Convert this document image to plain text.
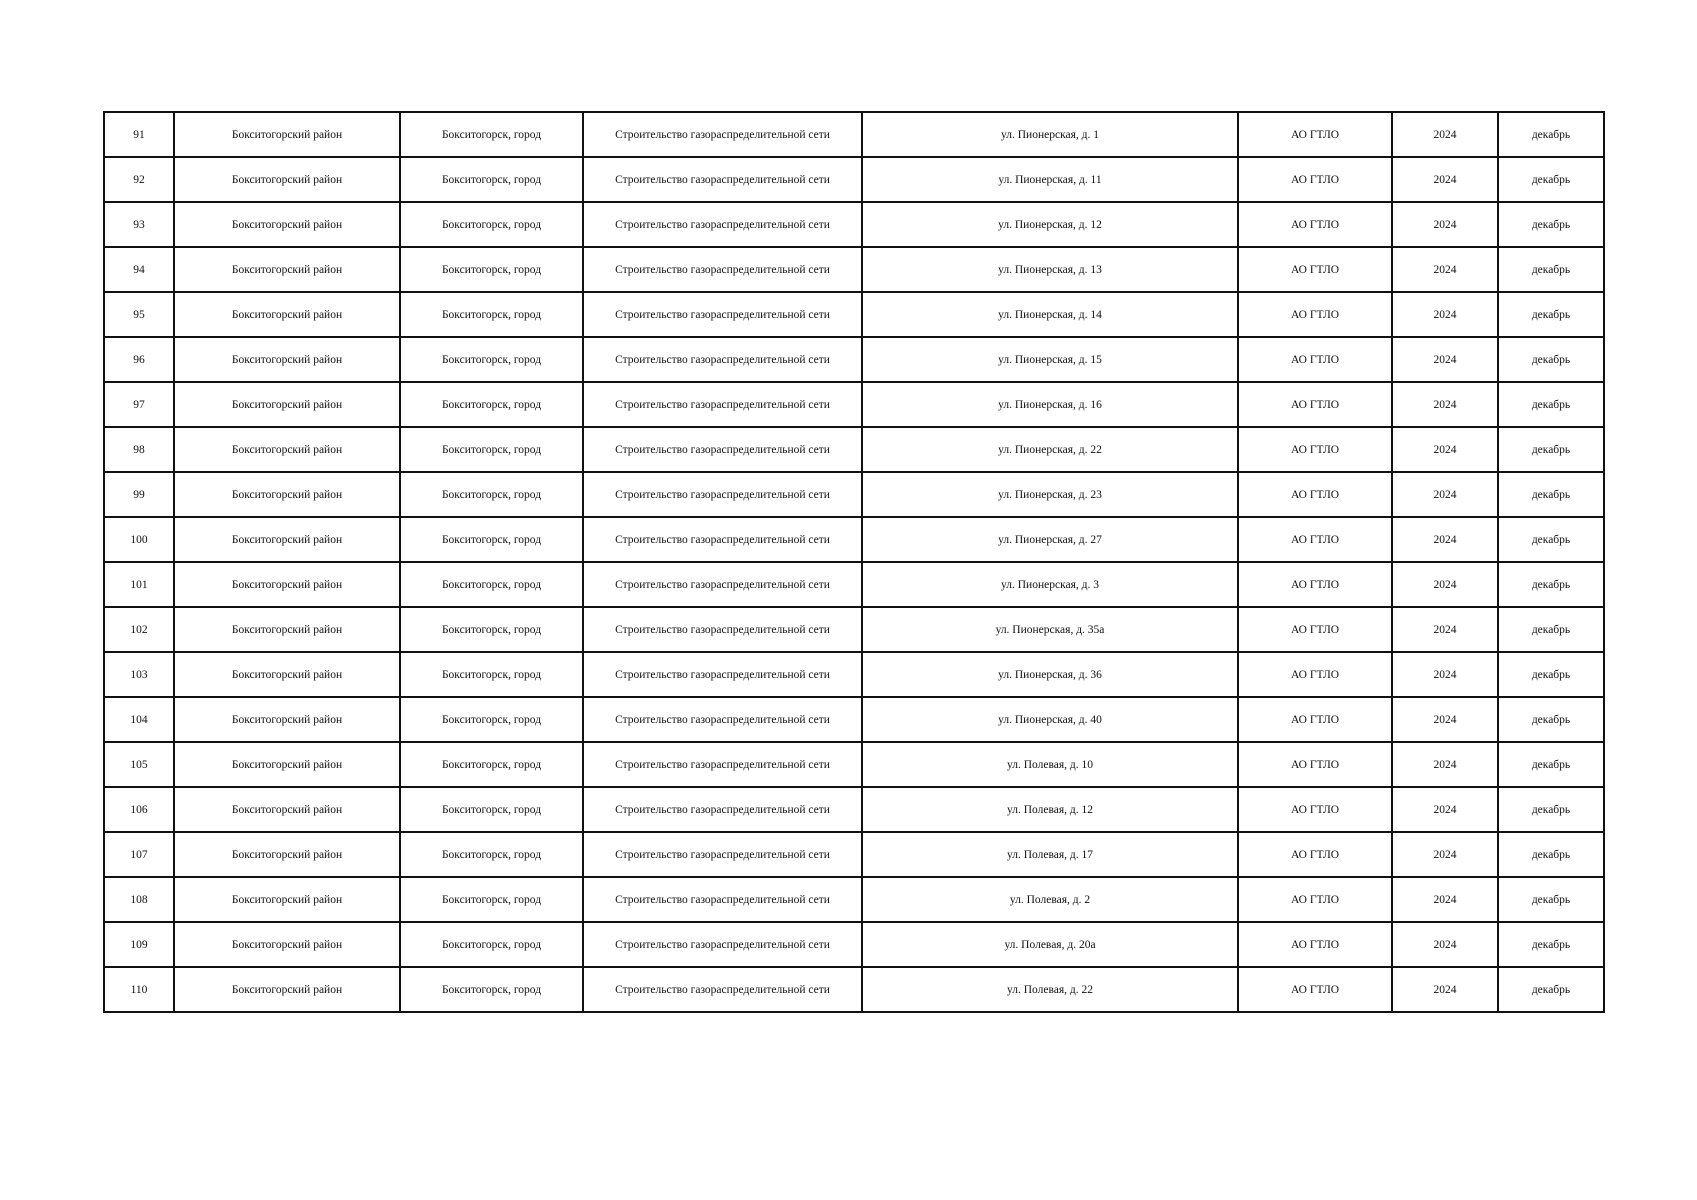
91	Бокситогорский район	Бокситогорск, город	Строительство газораспределительной сети	ул. Пионерская, д. 1	АО ГТЛО	2024	декабрь
92	Бокситогорский район	Бокситогорск, город	Строительство газораспределительной сети	ул. Пионерская, д. 11	АО ГТЛО	2024	декабрь
93	Бокситогорский район	Бокситогорск, город	Строительство газораспределительной сети	ул. Пионерская, д. 12	АО ГТЛО	2024	декабрь
94	Бокситогорский район	Бокситогорск, город	Строительство газораспределительной сети	ул. Пионерская, д. 13	АО ГТЛО	2024	декабрь
95	Бокситогорский район	Бокситогорск, город	Строительство газораспределительной сети	ул. Пионерская, д. 14	АО ГТЛО	2024	декабрь
96	Бокситогорский район	Бокситогорск, город	Строительство газораспределительной сети	ул. Пионерская, д. 15	АО ГТЛО	2024	декабрь
97	Бокситогорский район	Бокситогорск, город	Строительство газораспределительной сети	ул. Пионерская, д. 16	АО ГТЛО	2024	декабрь
98	Бокситогорский район	Бокситогорск, город	Строительство газораспределительной сети	ул. Пионерская, д. 22	АО ГТЛО	2024	декабрь
99	Бокситогорский район	Бокситогорск, город	Строительство газораспределительной сети	ул. Пионерская, д. 23	АО ГТЛО	2024	декабрь
100	Бокситогорский район	Бокситогорск, город	Строительство газораспределительной сети	ул. Пионерская, д. 27	АО ГТЛО	2024	декабрь
101	Бокситогорский район	Бокситогорск, город	Строительство газораспределительной сети	ул. Пионерская, д. 3	АО ГТЛО	2024	декабрь
102	Бокситогорский район	Бокситогорск, город	Строительство газораспределительной сети	ул. Пионерская, д. 35а	АО ГТЛО	2024	декабрь
103	Бокситогорский район	Бокситогорск, город	Строительство газораспределительной сети	ул. Пионерская, д. 36	АО ГТЛО	2024	декабрь
104	Бокситогорский район	Бокситогорск, город	Строительство газораспределительной сети	ул. Пионерская, д. 40	АО ГТЛО	2024	декабрь
105	Бокситогорский район	Бокситогорск, город	Строительство газораспределительной сети	ул. Полевая, д. 10	АО ГТЛО	2024	декабрь
106	Бокситогорский район	Бокситогорск, город	Строительство газораспределительной сети	ул. Полевая, д. 12	АО ГТЛО	2024	декабрь
107	Бокситогорский район	Бокситогорск, город	Строительство газораспределительной сети	ул. Полевая, д. 17	АО ГТЛО	2024	декабрь
108	Бокситогорский район	Бокситогорск, город	Строительство газораспределительной сети	ул. Полевая, д. 2	АО ГТЛО	2024	декабрь
109	Бокситогорский район	Бокситогорск, город	Строительство газораспределительной сети	ул. Полевая, д. 20а	АО ГТЛО	2024	декабрь
110	Бокситогорский район	Бокситогорск, город	Строительство газораспределительной сети	ул. Полевая, д. 22	АО ГТЛО	2024	декабрь
